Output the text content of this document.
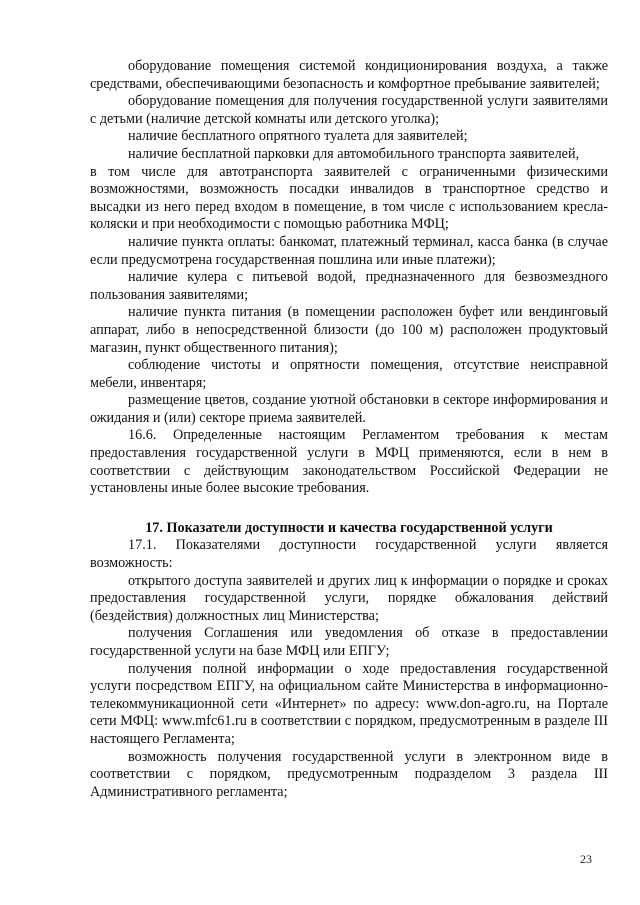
оборудование помещения системой кондиционирования воздуха, а также средствами, обеспечивающими безопасность и комфортное пребывание заявителей;

оборудование помещения для получения государственной услуги заявителями с детьми (наличие детской комнаты или детского уголка);

наличие бесплатного опрятного туалета для заявителей;

наличие бесплатной парковки для автомобильного транспорта заявителей,

в том числе для автотранспорта заявителей с ограниченными физическими возможностями, возможность посадки инвалидов в транспортное средство и высадки из него перед входом в помещение, в том числе с использованием кресла-коляски и при необходимости с помощью работника МФЦ;

наличие пункта оплаты: банкомат, платежный терминал, касса банка (в случае если предусмотрена государственная пошлина или иные платежи);

наличие кулера с питьевой водой, предназначенного для безвозмездного пользования заявителями;

наличие пункта питания (в помещении расположен буфет или вендинговый аппарат, либо в непосредственной близости (до 100 м) расположен продуктовый магазин, пункт общественного питания);

соблюдение чистоты и опрятности помещения, отсутствие неисправной мебели, инвентаря;

размещение цветов, создание уютной обстановки в секторе информирования и ожидания и (или) секторе приема заявителей.

16.6. Определенные настоящим Регламентом требования к местам предоставления государственной услуги в МФЦ применяются, если в нем в соответствии с действующим законодательством Российской Федерации не установлены иные более высокие требования.

17. Показатели доступности и качества государственной услуги

17.1. Показателями доступности государственной услуги является возможность:

открытого доступа заявителей и других лиц к информации о порядке и сроках предоставления государственной услуги, порядке обжалования действий (бездействия) должностных лиц Министерства;

получения Соглашения или уведомления об отказе в предоставлении государственной услуги на базе МФЦ или ЕПГУ;

получения полной информации о ходе предоставления государственной услуги посредством ЕПГУ, на официальном сайте Министерства в информационно-телекоммуникационной сети «Интернет» по адресу: www.don-agro.ru, на Портале сети МФЦ: www.mfc61.ru в соответствии с порядком, предусмотренным в разделе III настоящего Регламента;

возможность получения государственной услуги в электронном виде в соответствии с порядком, предусмотренным подразделом 3 раздела III Административного регламента;

23
